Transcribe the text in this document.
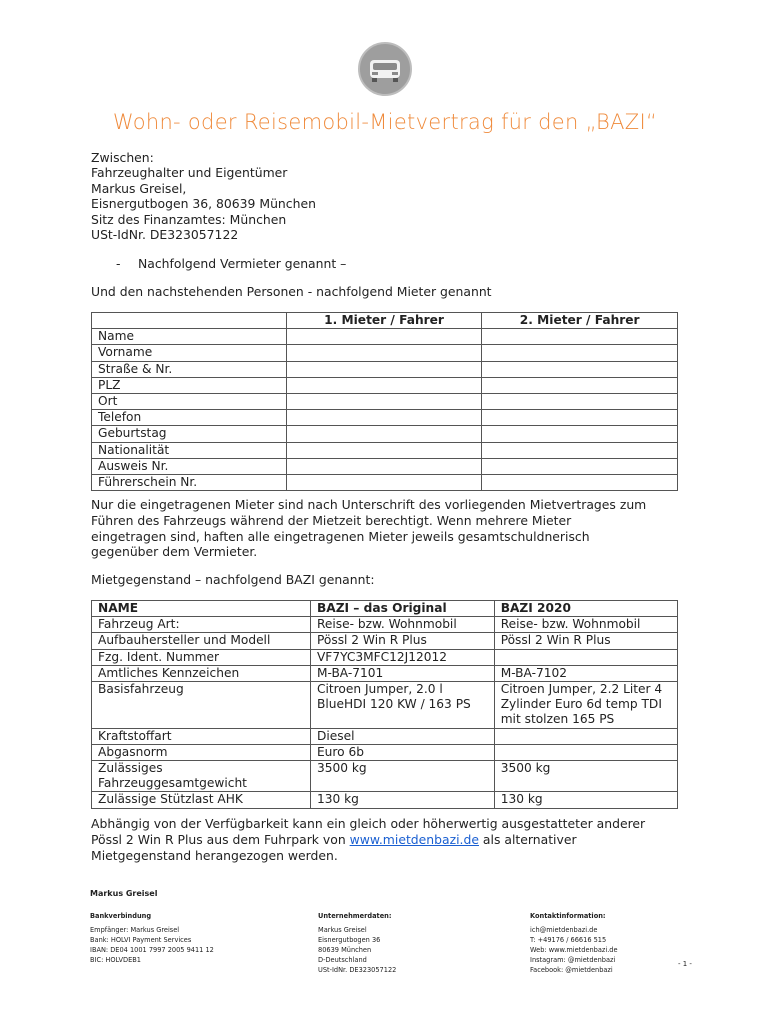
Wohn- oder Reisemobil-Mietvertrag für den „BAZI“
Zwischen:
Fahrzeughalter und Eigentümer
Markus Greisel,
Eisnergutbogen 36, 80639 München
Sitz des Finanzamtes: München
USt-IdNr. DE323057122
- Nachfolgend Vermieter genannt –
Und den nachstehenden Personen - nachfolgend Mieter genannt
	1. Mieter / Fahrer	2. Mieter / Fahrer
Name		
Vorname		
Straße & Nr.		
PLZ		
Ort		
Telefon		
Geburtstag		
Nationalität		
Ausweis Nr.		
Führerschein Nr.		
Nur die eingetragenen Mieter sind nach Unterschrift des vorliegenden Mietvertrages zum
Führen des Fahrzeugs während der Mietzeit berechtigt. Wenn mehrere Mieter
eingetragen sind, haften alle eingetragenen Mieter jeweils gesamtschuldnerisch
gegenüber dem Vermieter.
Mietgegenstand – nachfolgend BAZI genannt:
NAME	BAZI – das Original	BAZI 2020
Fahrzeug Art:	Reise- bzw. Wohnmobil	Reise- bzw. Wohnmobil
Aufbauhersteller und Modell	Pössl 2 Win R Plus	Pössl 2 Win R Plus
Fzg. Ident. Nummer	VF7YC3MFC12J12012	
Amtliches Kennzeichen	M-BA-7101	M-BA-7102
Basisfahrzeug	Citroen Jumper, 2.0 l BlueHDI 120 KW / 163 PS	Citroen Jumper, 2.2 Liter 4 Zylinder Euro 6d temp TDI mit stolzen 165 PS
Kraftstoffart	Diesel	
Abgasnorm	Euro 6b	
Zulässiges Fahrzeuggesamtgewicht	3500 kg	3500 kg
Zulässige Stützlast AHK	130 kg	130 kg
Abhängig von der Verfügbarkeit kann ein gleich oder höherwertig ausgestatteter anderer
Pössl 2 Win R Plus aus dem Fuhrpark von www.mietdenbazi.de als alternativer
Mietgegenstand herangezogen werden.
Markus Greisel
Bankverbindung
Empfänger: Markus Greisel
Bank: HOLVI Payment Services
IBAN: DE04 1001 7997 2005 9411 12
BIC: HOLVDEB1
Unternehmerdaten:
Markus Greisel
Eisnergutbogen 36
80639 München
D-Deutschland
USt-IdNr. DE323057122
Kontaktinformation:
ich@mietdenbazi.de
T: +49176 / 66616 515
Web: www.mietdenbazi.de
Instagram: @mietdenbazi
Facebook: @mietdenbazi
- 1 -
